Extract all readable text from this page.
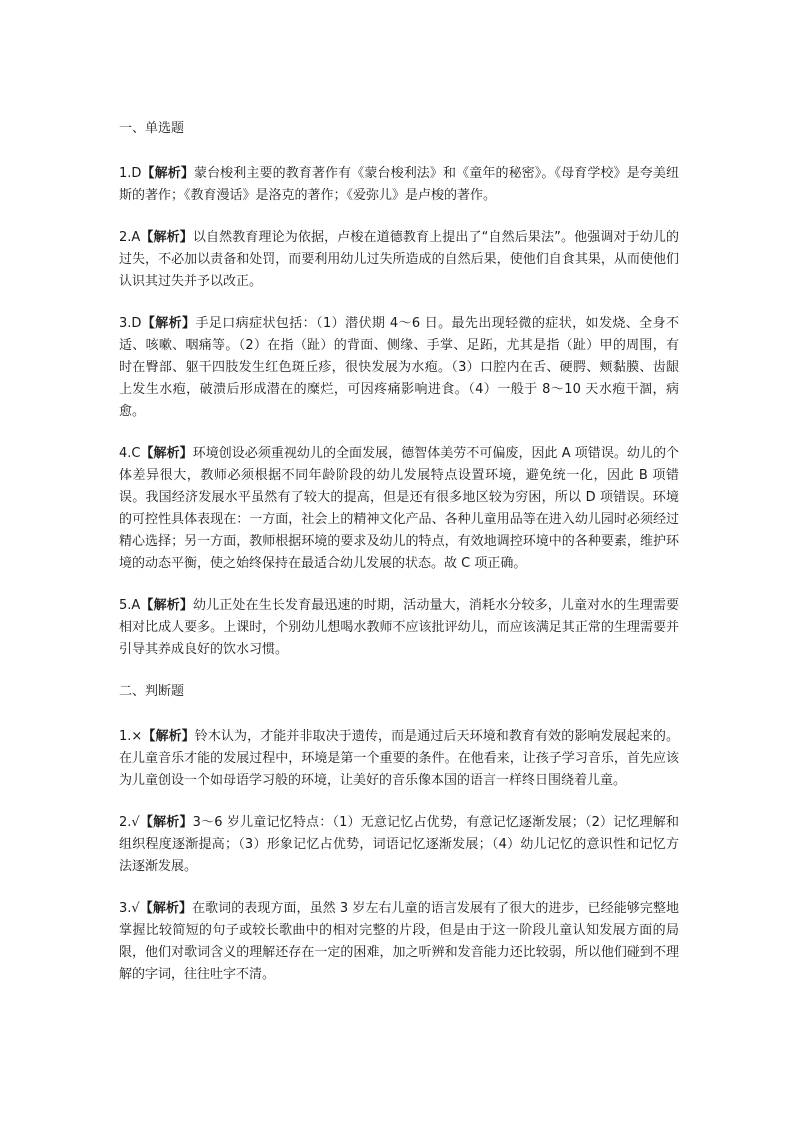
一、单选题
1.D【解析】蒙台梭利主要的教育著作有《蒙台梭利法》和《童年的秘密》。《母育学校》是夸美纽斯的著作；《教育漫话》是洛克的著作；《爱弥儿》是卢梭的著作。
2.A【解析】以自然教育理论为依据，卢梭在道德教育上提出了“自然后果法”。他强调对于幼儿的过失，不必加以责备和处罚，而要利用幼儿过失所造成的自然后果，使他们自食其果，从而使他们认识其过失并予以改正。
3.D【解析】手足口病症状包括：（1）潜伏期 4～6 日。最先出现轻微的症状，如发烧、全身不适、咳嗽、咽痛等。（2）在指（趾）的背面、侧缘、手掌、足跖，尤其是指（趾）甲的周围，有时在臀部、躯干四肢发生红色斑丘疹，很快发展为水疱。（3）口腔内在舌、硬腭、颊黏膜、齿龈上发生水疱，破溃后形成潜在的糜烂，可因疼痛影响进食。（4）一般于 8～10 天水疱干涸，病愈。
4.C【解析】环境创设必须重视幼儿的全面发展，德智体美劳不可偏废，因此 A 项错误。幼儿的个体差异很大，教师必须根据不同年龄阶段的幼儿发展特点设置环境，避免统一化，因此 B 项错误。我国经济发展水平虽然有了较大的提高，但是还有很多地区较为穷困，所以 D 项错误。环境的可控性具体表现在：一方面，社会上的精神文化产品、各种儿童用品等在进入幼儿园时必须经过精心选择；另一方面，教师根据环境的要求及幼儿的特点，有效地调控环境中的各种要素，维护环境的动态平衡，使之始终保持在最适合幼儿发展的状态。故 C 项正确。
5.A【解析】幼儿正处在生长发育最迅速的时期，活动量大，消耗水分较多，儿童对水的生理需要相对比成人要多。上课时，个别幼儿想喝水教师不应该批评幼儿，而应该满足其正常的生理需要并引导其养成良好的饮水习惯。
二、判断题
1.×【解析】铃木认为，才能并非取决于遗传，而是通过后天环境和教育有效的影响发展起来的。在儿童音乐才能的发展过程中，环境是第一个重要的条件。在他看来，让孩子学习音乐，首先应该为儿童创设一个如母语学习般的环境，让美好的音乐像本国的语言一样终日围绕着儿童。
2.√【解析】3～6 岁儿童记忆特点：（1）无意记忆占优势，有意记忆逐渐发展；（2）记忆理解和组织程度逐渐提高；（3）形象记忆占优势，词语记忆逐渐发展；（4）幼儿记忆的意识性和记忆方法逐渐发展。
3.√【解析】在歌词的表现方面，虽然 3 岁左右儿童的语言发展有了很大的进步，已经能够完整地掌握比较简短的句子或较长歌曲中的相对完整的片段，但是由于这一阶段儿童认知发展方面的局限，他们对歌词含义的理解还存在一定的困难，加之听辨和发音能力还比较弱，所以他们碰到不理解的字词，往往吐字不清。
